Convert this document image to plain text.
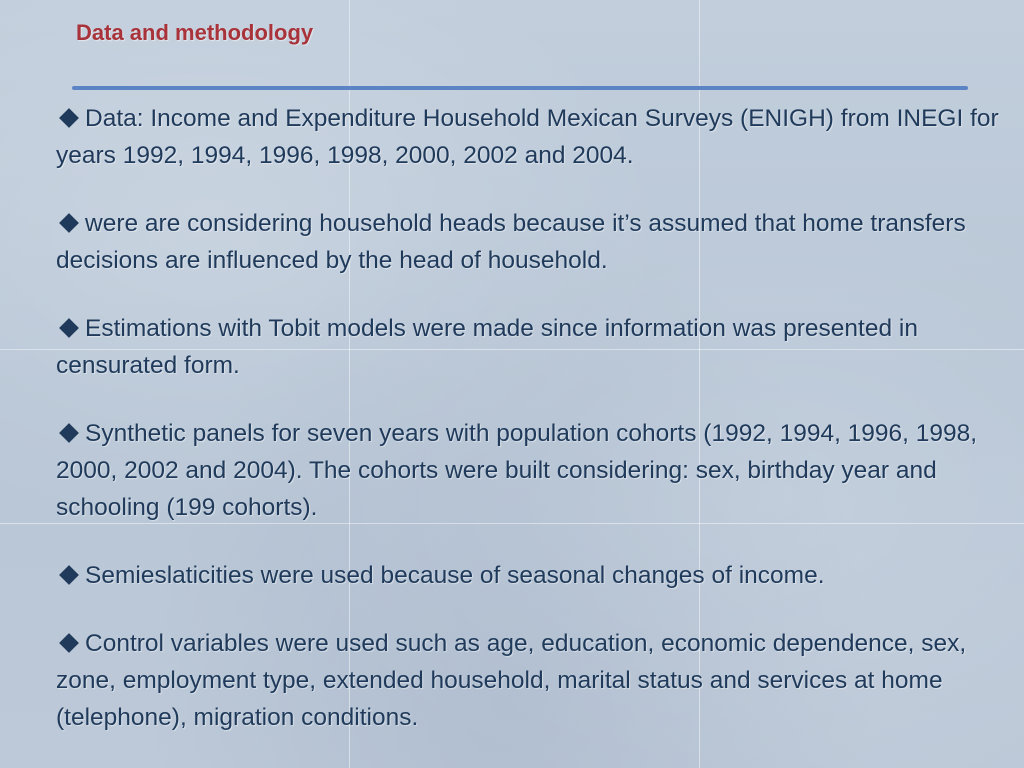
Data and methodology

Data: Income and Expenditure Household Mexican Surveys (ENIGH) from INEGI for years 1992, 1994, 1996, 1998, 2000, 2002 and 2004.

were are considering household heads because it’s assumed that home transfers decisions are influenced by the head of household.

Estimations with Tobit models were made since information was presented in censurated form.

Synthetic panels for seven years with population cohorts (1992, 1994, 1996, 1998, 2000, 2002 and 2004). The cohorts were built considering: sex, birthday year and schooling (199 cohorts).

Semieslaticities were used because of seasonal changes of income.

Control variables were used such as age, education, economic dependence, sex, zone, employment type, extended household, marital status and services at home (telephone), migration conditions.
